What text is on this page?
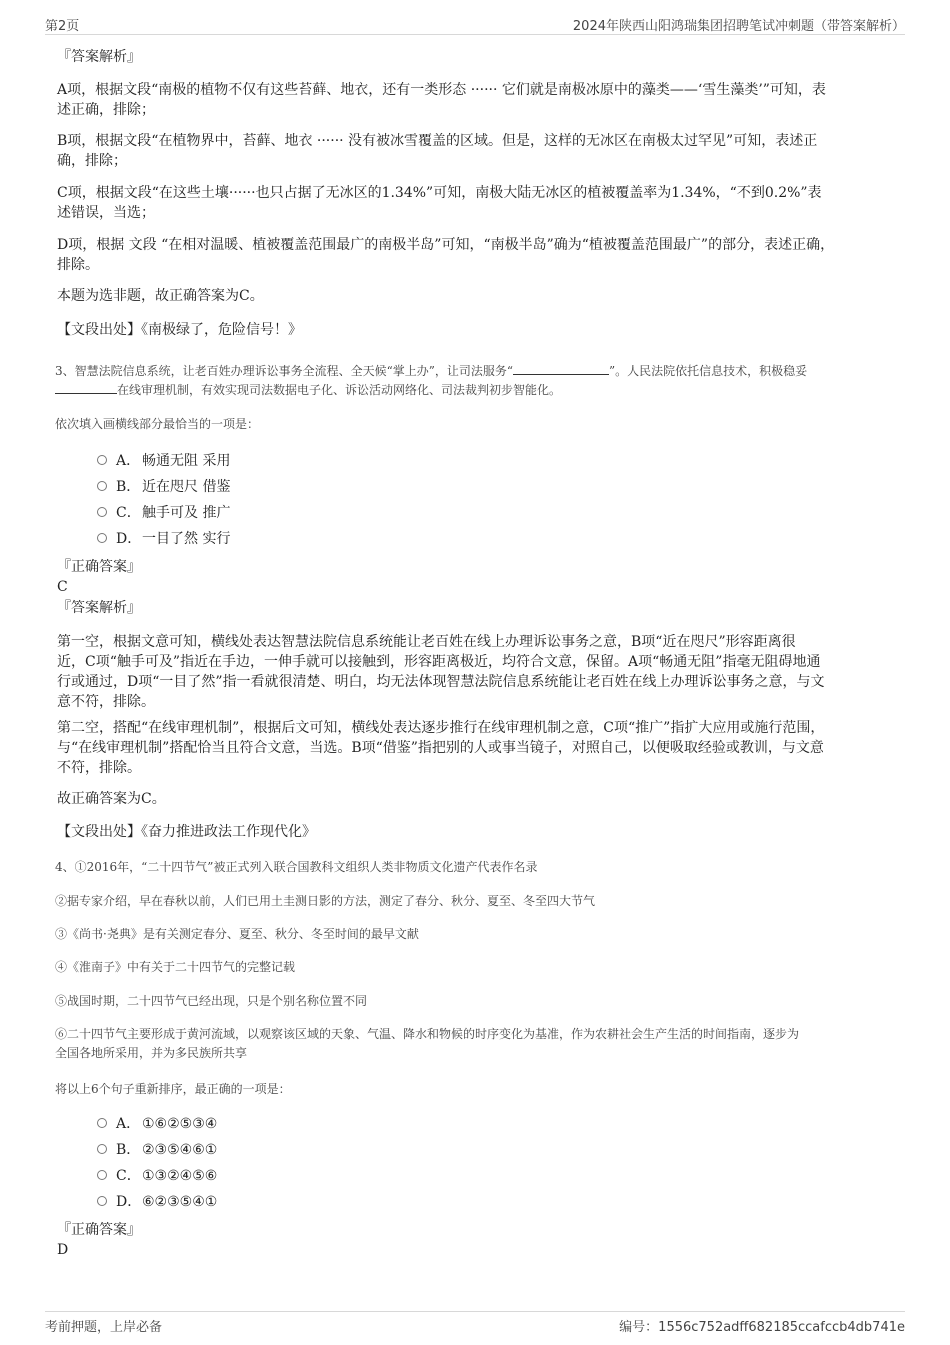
第2页	2024年陕西山阳鸿瑞集团招聘笔试冲刺题（带答案解析）
『答案解析』
A项，根据文段“南极的植物不仅有这些苔藓、地衣，还有一类形态 ······ 它们就是南极冰原中的藻类——‘雪生藻类’”可知，表
述正确，排除；
B项，根据文段“在植物界中，苔藓、地衣 ······ 没有被冰雪覆盖的区域。但是，这样的无冰区在南极太过罕见”可知，表述正
确，排除；
C项，根据文段“在这些土壤······也只占据了无冰区的1.34%”可知，南极大陆无冰区的植被覆盖率为1.34%，“不到0.2%”表
述错误，当选；
D项，根据 文段 “在相对温暖、植被覆盖范围最广的南极半岛”可知，“南极半岛”确为“植被覆盖范围最广”的部分，表述正确，
排除。
本题为选非题，故正确答案为C。
【文段出处】《南极绿了，危险信号！》
3、智慧法院信息系统，让老百姓办理诉讼事务全流程、全天候“掌上办”，让司法服务“	”。人民法院依托信息技术，积极稳妥
在线审理机制，有效实现司法数据电子化、诉讼活动网络化、司法裁判初步智能化。
依次填入画横线部分最恰当的一项是：
A． 畅通无阻 采用
B． 近在咫尺 借鉴
C．触手可及 推广
D．一目了然 实行
『正确答案』
C
『答案解析』
第一空，根据文意可知，横线处表达智慧法院信息系统能让老百姓在线上办理诉讼事务之意，B项“近在咫尺”形容距离很
近，C项“触手可及”指近在手边，一伸手就可以接触到，形容距离极近，均符合文意，保留。A项“畅通无阻”指毫无阻碍地通
行或通过，D项“一目了然”指一看就很清楚、明白，均无法体现智慧法院信息系统能让老百姓在线上办理诉讼事务之意，与文
意不符，排除。
第二空，搭配“在线审理机制”，根据后文可知，横线处表达逐步推行在线审理机制之意，C项“推广”指扩大应用或施行范围，
与“在线审理机制”搭配恰当且符合文意，当选。B项“借鉴”指把别的人或事当镜子，对照自己，以便吸取经验或教训，与文意
不符，排除。
故正确答案为C。
【文段出处】《奋力推进政法工作现代化》
4、①2016年，“二十四节气”被正式列入联合国教科文组织人类非物质文化遗产代表作名录
②据专家介绍，早在春秋以前，人们已用土圭测日影的方法，测定了春分、秋分、夏至、冬至四大节气
③《尚书·尧典》是有关测定春分、夏至、秋分、冬至时间的最早文献
④《淮南子》中有关于二十四节气的完整记载
⑤战国时期，二十四节气已经出现，只是个别名称位置不同
⑥二十四节气主要形成于黄河流域，以观察该区域的天象、气温、降水和物候的时序变化为基准，作为农耕社会生产生活的时间指南，逐步为
全国各地所采用，并为多民族所共享
将以上6个句子重新排序，最正确的一项是：
A． ①⑥②⑤③④
B． ②③⑤④⑥①
C．①③②④⑤⑥
D．⑥②③⑤④①
『正确答案』
D
考前押题，上岸必备	编号：1556c752adff682185ccafccb4db741e
